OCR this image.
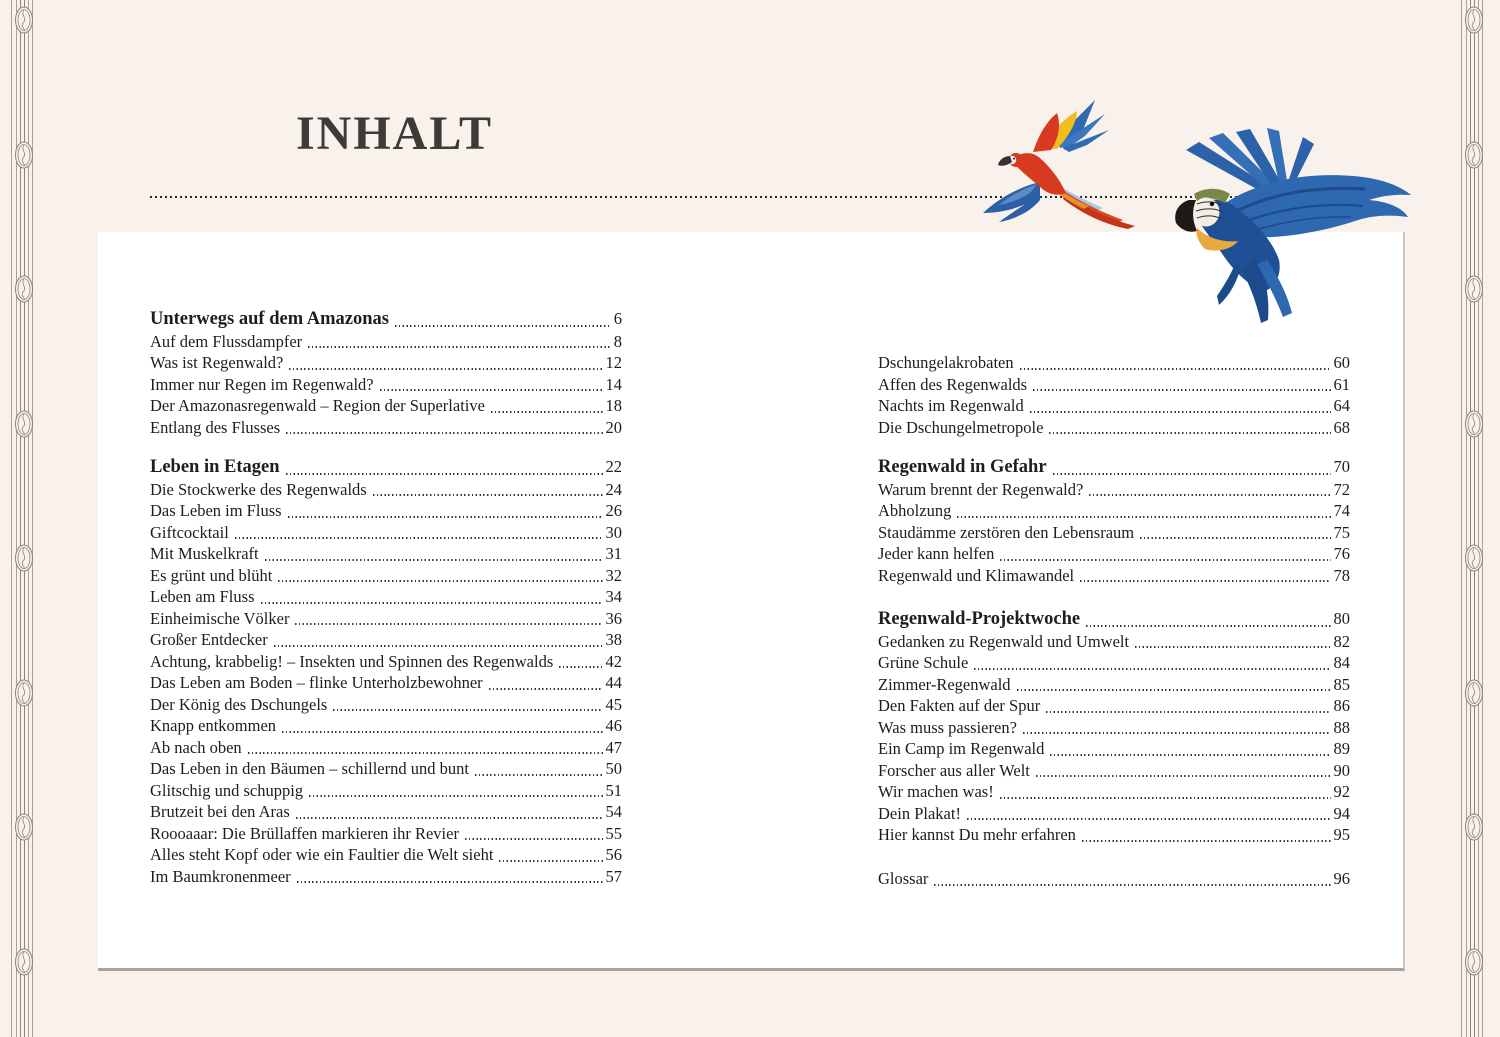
INHALT
Unterwegs auf dem Amazonas	6
Auf dem Flussdampfer	8
Was ist Regenwald?	12
Immer nur Regen im Regenwald?	14
Der Amazonasregenwald – Region der Superlative	18
Entlang des Flusses	20
Leben in Etagen	22
Die Stockwerke des Regenwalds	24
Das Leben im Fluss	26
Giftcocktail	30
Mit Muskelkraft	31
Es grünt und blüht	32
Leben am Fluss	34
Einheimische Völker	36
Großer Entdecker	38
Achtung, krabbelig! – Insekten und Spinnen des Regenwalds	42
Das Leben am Boden – flinke Unterholzbewohner	44
Der König des Dschungels	45
Knapp entkommen	46
Ab nach oben	47
Das Leben in den Bäumen – schillernd und bunt	50
Glitschig und schuppig	51
Brutzeit bei den Aras	54
Roooaaar: Die Brüllaffen markieren ihr Revier	55
Alles steht Kopf oder wie ein Faultier die Welt sieht	56
Im Baumkronenmeer	57
Dschungelakrobaten	60
Affen des Regenwalds	61
Nachts im Regenwald	64
Die Dschungelmetropole	68
Regenwald in Gefahr	70
Warum brennt der Regenwald?	72
Abholzung	74
Staudämme zerstören den Lebensraum	75
Jeder kann helfen	76
Regenwald und Klimawandel	78
Regenwald-Projektwoche	80
Gedanken zu Regenwald und Umwelt	82
Grüne Schule	84
Zimmer-Regenwald	85
Den Fakten auf der Spur	86
Was muss passieren?	88
Ein Camp im Regenwald	89
Forscher aus aller Welt	90
Wir machen was!	92
Dein Plakat!	94
Hier kannst Du mehr erfahren	95
Glossar	96
